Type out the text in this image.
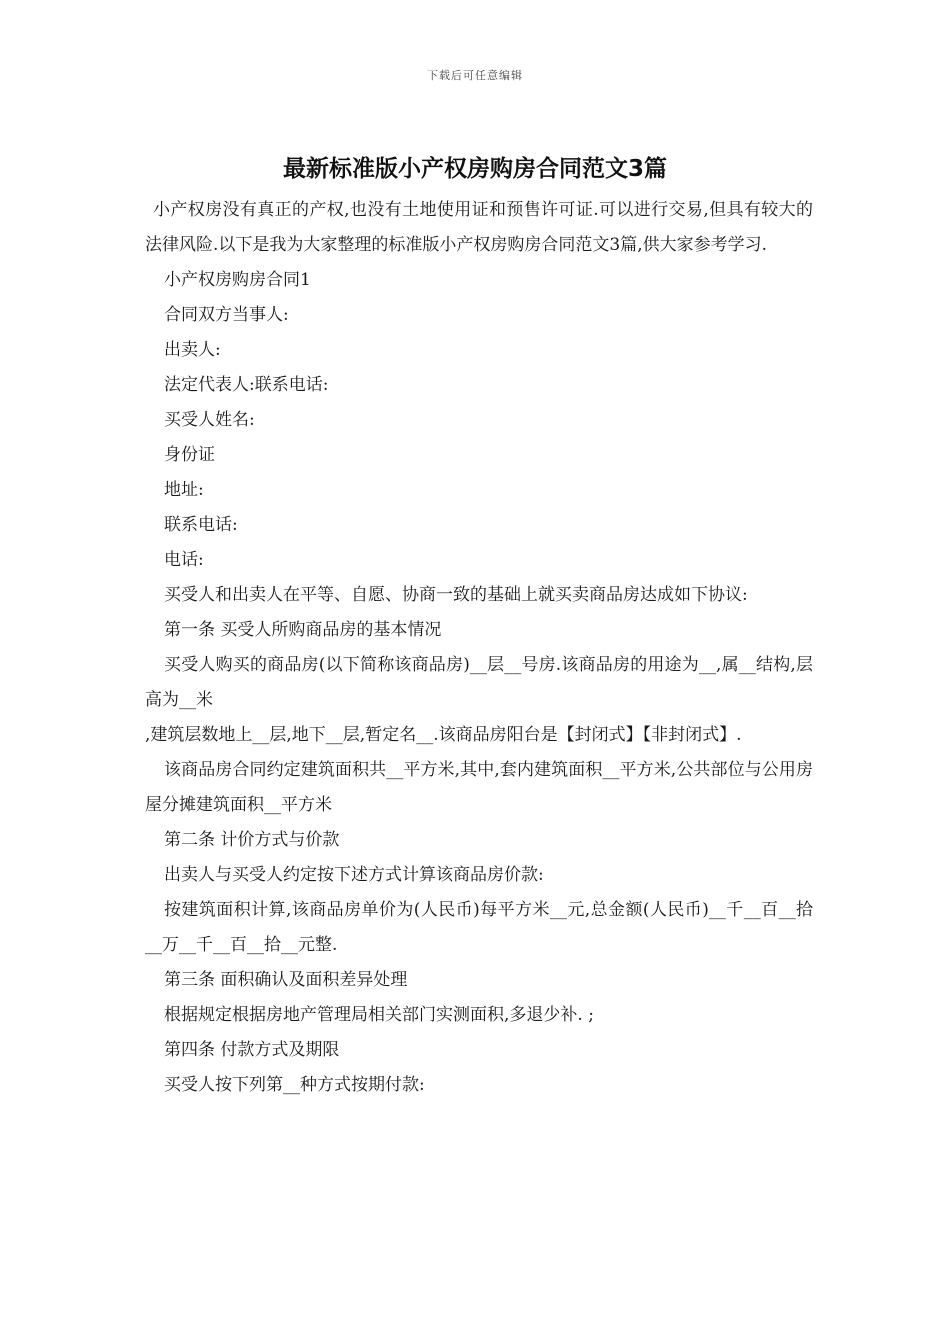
下载后可任意编辑
最新标准版小产权房购房合同范文3篇

小产权房没有真正的产权,也没有土地使用证和预售许可证.可以进行交易,但具有较大的法律风险.以下是我为大家整理的标准版小产权房购房合同范文3篇,供大家参考学习.

小产权房购房合同1

合同双方当事人:

出卖人:

法定代表人:联系电话:

买受人姓名:

身份证

地址:

联系电话:

电话:

买受人和出卖人在平等、自愿、协商一致的基础上就买卖商品房达成如下协议:

第一条 买受人所购商品房的基本情况

买受人购买的商品房(以下简称该商品房)__层__号房.该商品房的用途为__,属__结构,层高为__米

,建筑层数地上__层,地下__层,暂定名__.该商品房阳台是【封闭式】【非封闭式】.

该商品房合同约定建筑面积共__平方米,其中,套内建筑面积__平方米,公共部位与公用房屋分摊建筑面积__平方米

第二条 计价方式与价款

出卖人与买受人约定按下述方式计算该商品房价款:

按建筑面积计算,该商品房单价为(人民币)每平方米__元,总金额(人民币)__千__百__拾__万__千__百__拾__元整.

第三条 面积确认及面积差异处理

根据规定根据房地产管理局相关部门实测面积,多退少补. ;

第四条 付款方式及期限

买受人按下列第__种方式按期付款:
